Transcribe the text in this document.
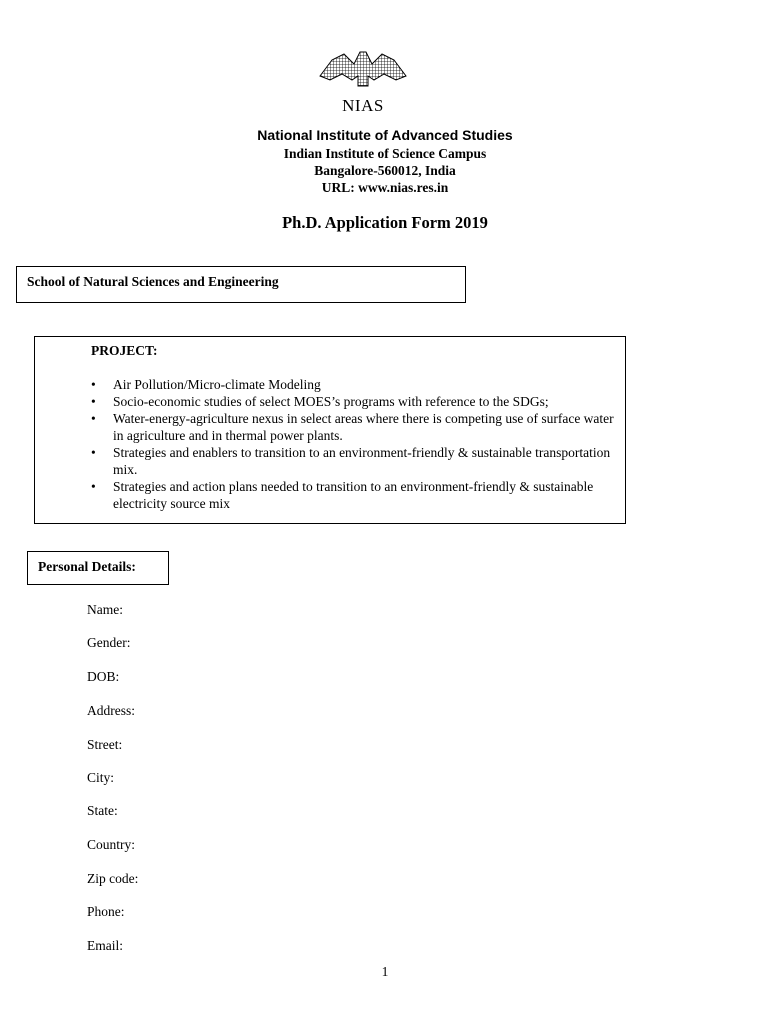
NIAS
National Institute of Advanced Studies
Indian Institute of Science Campus
Bangalore-560012, India
URL: www.nias.res.in
Ph.D. Application Form 2019
School of Natural Sciences and Engineering
PROJECT:
• Air Pollution/Micro-climate Modeling
• Socio-economic studies of select MOES’s programs with reference to the SDGs;
• Water-energy-agriculture nexus in select areas where there is competing use of surface water in agriculture and in thermal power plants.
• Strategies and enablers to transition to an environment-friendly & sustainable transportation mix.
• Strategies and action plans needed to transition to an environment-friendly & sustainable electricity source mix
Personal Details:
Name:
Gender:
DOB:
Address:
Street:
City:
State:
Country:
Zip code:
Phone:
Email:
1
